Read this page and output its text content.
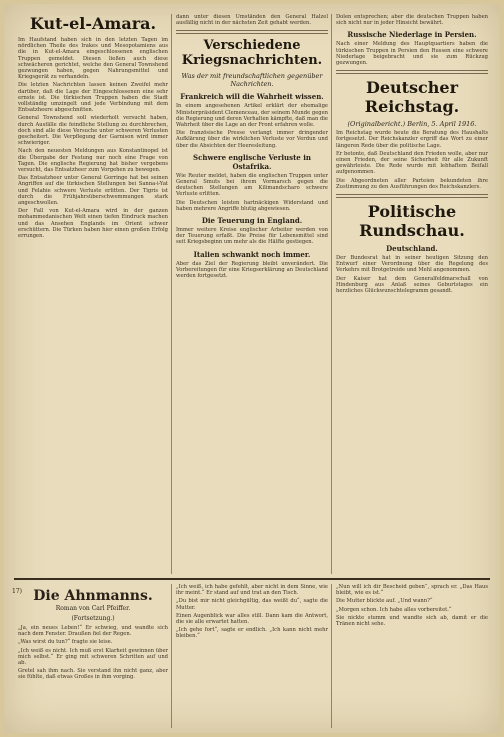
Kut-el-Amara.
Im Haufstand haben sich in den letzten Tagen im nördlichen Theile des Irakes und Mesopotamiens aus die in Kut-el-Amara eingeschlossenen englischen Truppen gemeldet. Diesen ließen auch diese schwächeren gerichtet, welche den General Townshend gezwungen haben, gegen Nahrungsmittel und Kriegsgerät zu verhandeln.
Die letzten Nachrichten lassen keinen Zweifel mehr darüber, daß die Lage der Eingeschlossenen eine sehr ernste ist. Die türkischen Truppen haben die Stadt vollständig umzingelt und jede Verbindung mit dem Entsatzheere abgeschnitten.
General Townshend soll wiederholt versucht haben, durch Ausfälle die feindliche Stellung zu durchbrechen, doch sind alle diese Versuche unter schweren Verlusten gescheitert. Die Verpflegung der Garnison wird immer schwieriger.
Nach den neuesten Meldungen aus Konstantinopel ist die Übergabe der Festung nur noch eine Frage von Tagen. Die englische Regierung hat bisher vergebens versucht, das Entsatzheer zum Vorgehen zu bewegen.
Das Entsatzheer unter General Gorringe hat bei seinen Angriffen auf die türkischen Stellungen bei Sanna-i-Yat und Felahie schwere Verluste erlitten. Der Tigris ist durch die Frühjahrsüberschwemmungen stark angeschwollen.
Der Fall von Kut-el-Amara wird in der ganzen mohammedanischen Welt einen tiefen Eindruck machen und das Ansehen Englands im Orient schwer erschüttern. Die Türken haben hier einen großen Erfolg errungen.
dann unter diesen Umständen den General Halzel ausfällig nicht in der nächsten Zeit gehabt werden.
Verschiedene Kriegsnachrichten.
Was der mit freundschaftlichen gegenüber Nachrichten.
Frankreich will die Wahrheit wissen.
In einem angesehenen Artikel erklärt der ehemalige Ministerpräsident Clemenceau, der seinem Munde gegen die Regierung und deren Verhalten kämpfte, daß man die Wahrheit über die Lage an der Front erfahren wolle.
Die französische Presse verlangt immer dringender Aufklärung über die wirklichen Verluste vor Verdun und über die Absichten der Heeresleitung.
Schwere englische Verluste in Ostafrika.
Wie Reuter meldet, haben die englischen Truppen unter General Smuts bei ihrem Vormarsch gegen die deutschen Stellungen am Kilimandscharo schwere Verluste erlitten.
Die Deutschen leisten hartnäckigen Widerstand und haben mehrere Angriffe blutig abgewiesen.
Die Teuerung in England.
Immer weitere Kreise englischer Arbeiter werden von der Teuerung erfaßt. Die Preise für Lebensmittel sind seit Kriegsbeginn um mehr als die Hälfte gestiegen.
Italien schwankt noch immer.
Aber das Ziel der Regierung bleibt unverändert. Die Vorbereitungen für eine Kriegserklärung an Deutschland werden fortgesetzt.
Dolen entsprechen; aber die deutschen Truppen haben sich nicht nur in jeder Hinsicht bewährt.
Russische Niederlage in Persien.
Nach einer Meldung des Hauptquartiers haben die türkischen Truppen in Persien den Russen eine schwere Niederlage beigebracht und sie zum Rückzug gezwungen.
Deutscher Reichstag.
(Originalbericht.) Berlin, 5. April 1916.
Im Reichstag wurde heute die Beratung des Haushalts fortgesetzt. Der Reichskanzler ergriff das Wort zu einer längeren Rede über die politische Lage.
Er betonte, daß Deutschland den Frieden wolle, aber nur einen Frieden, der seine Sicherheit für alle Zukunft gewährleiste. Die Rede wurde mit lebhaftem Beifall aufgenommen.
Die Abgeordneten aller Parteien bekundeten ihre Zustimmung zu den Ausführungen des Reichskanzlers.
Politische Rundschau.
Deutschland.
Der Bundesrat hat in seiner heutigen Sitzung den Entwurf einer Verordnung über die Regelung des Verkehrs mit Brotgetreide und Mehl angenommen.
Der Kaiser hat dem Generalfeldmarschall von Hindenburg aus Anlaß seines Geburtstages ein herzliches Glückwunschtelegramm gesandt.
Die Ahnmanns.
Roman von Carl Pfeiffer.
(Fortsetzung.)
„Ja, ein neues Leben!“ Er schwieg, und wandte sich nach dem Fenster. Draußen fiel der Regen.
„Was wirst du tun?“ fragte sie leise.
„Ich weiß es nicht. Ich muß erst Klarheit gewinnen über mich selbst.“ Er ging mit schweren Schritten auf und ab.
Gretel sah ihm nach. Sie verstand ihn nicht ganz, aber sie fühlte, daß etwas Großes in ihm vorging.
„Ich weiß, ich habe gefehlt, aber nicht in dem Sinne, wie ihr meint.“ Er stand auf und trat an den Tisch.
„Du bist mir nicht gleichgültig, das weißt du“, sagte die Mutter.
Einen Augenblick war alles still. Dann kam die Antwort, die sie alle erwartet hatten.
„Ich gehe fort“, sagte er endlich. „Ich kann nicht mehr bleiben.“
„Nun will ich dir Bescheid geben“, sprach er. „Das Haus bleibt, wie es ist.“
Die Mutter blickte auf. „Und wann?“
„Morgen schon. Ich habe alles vorbereitet.“
Sie nickte stumm und wandte sich ab, damit er die Tränen nicht sehe.
17)
